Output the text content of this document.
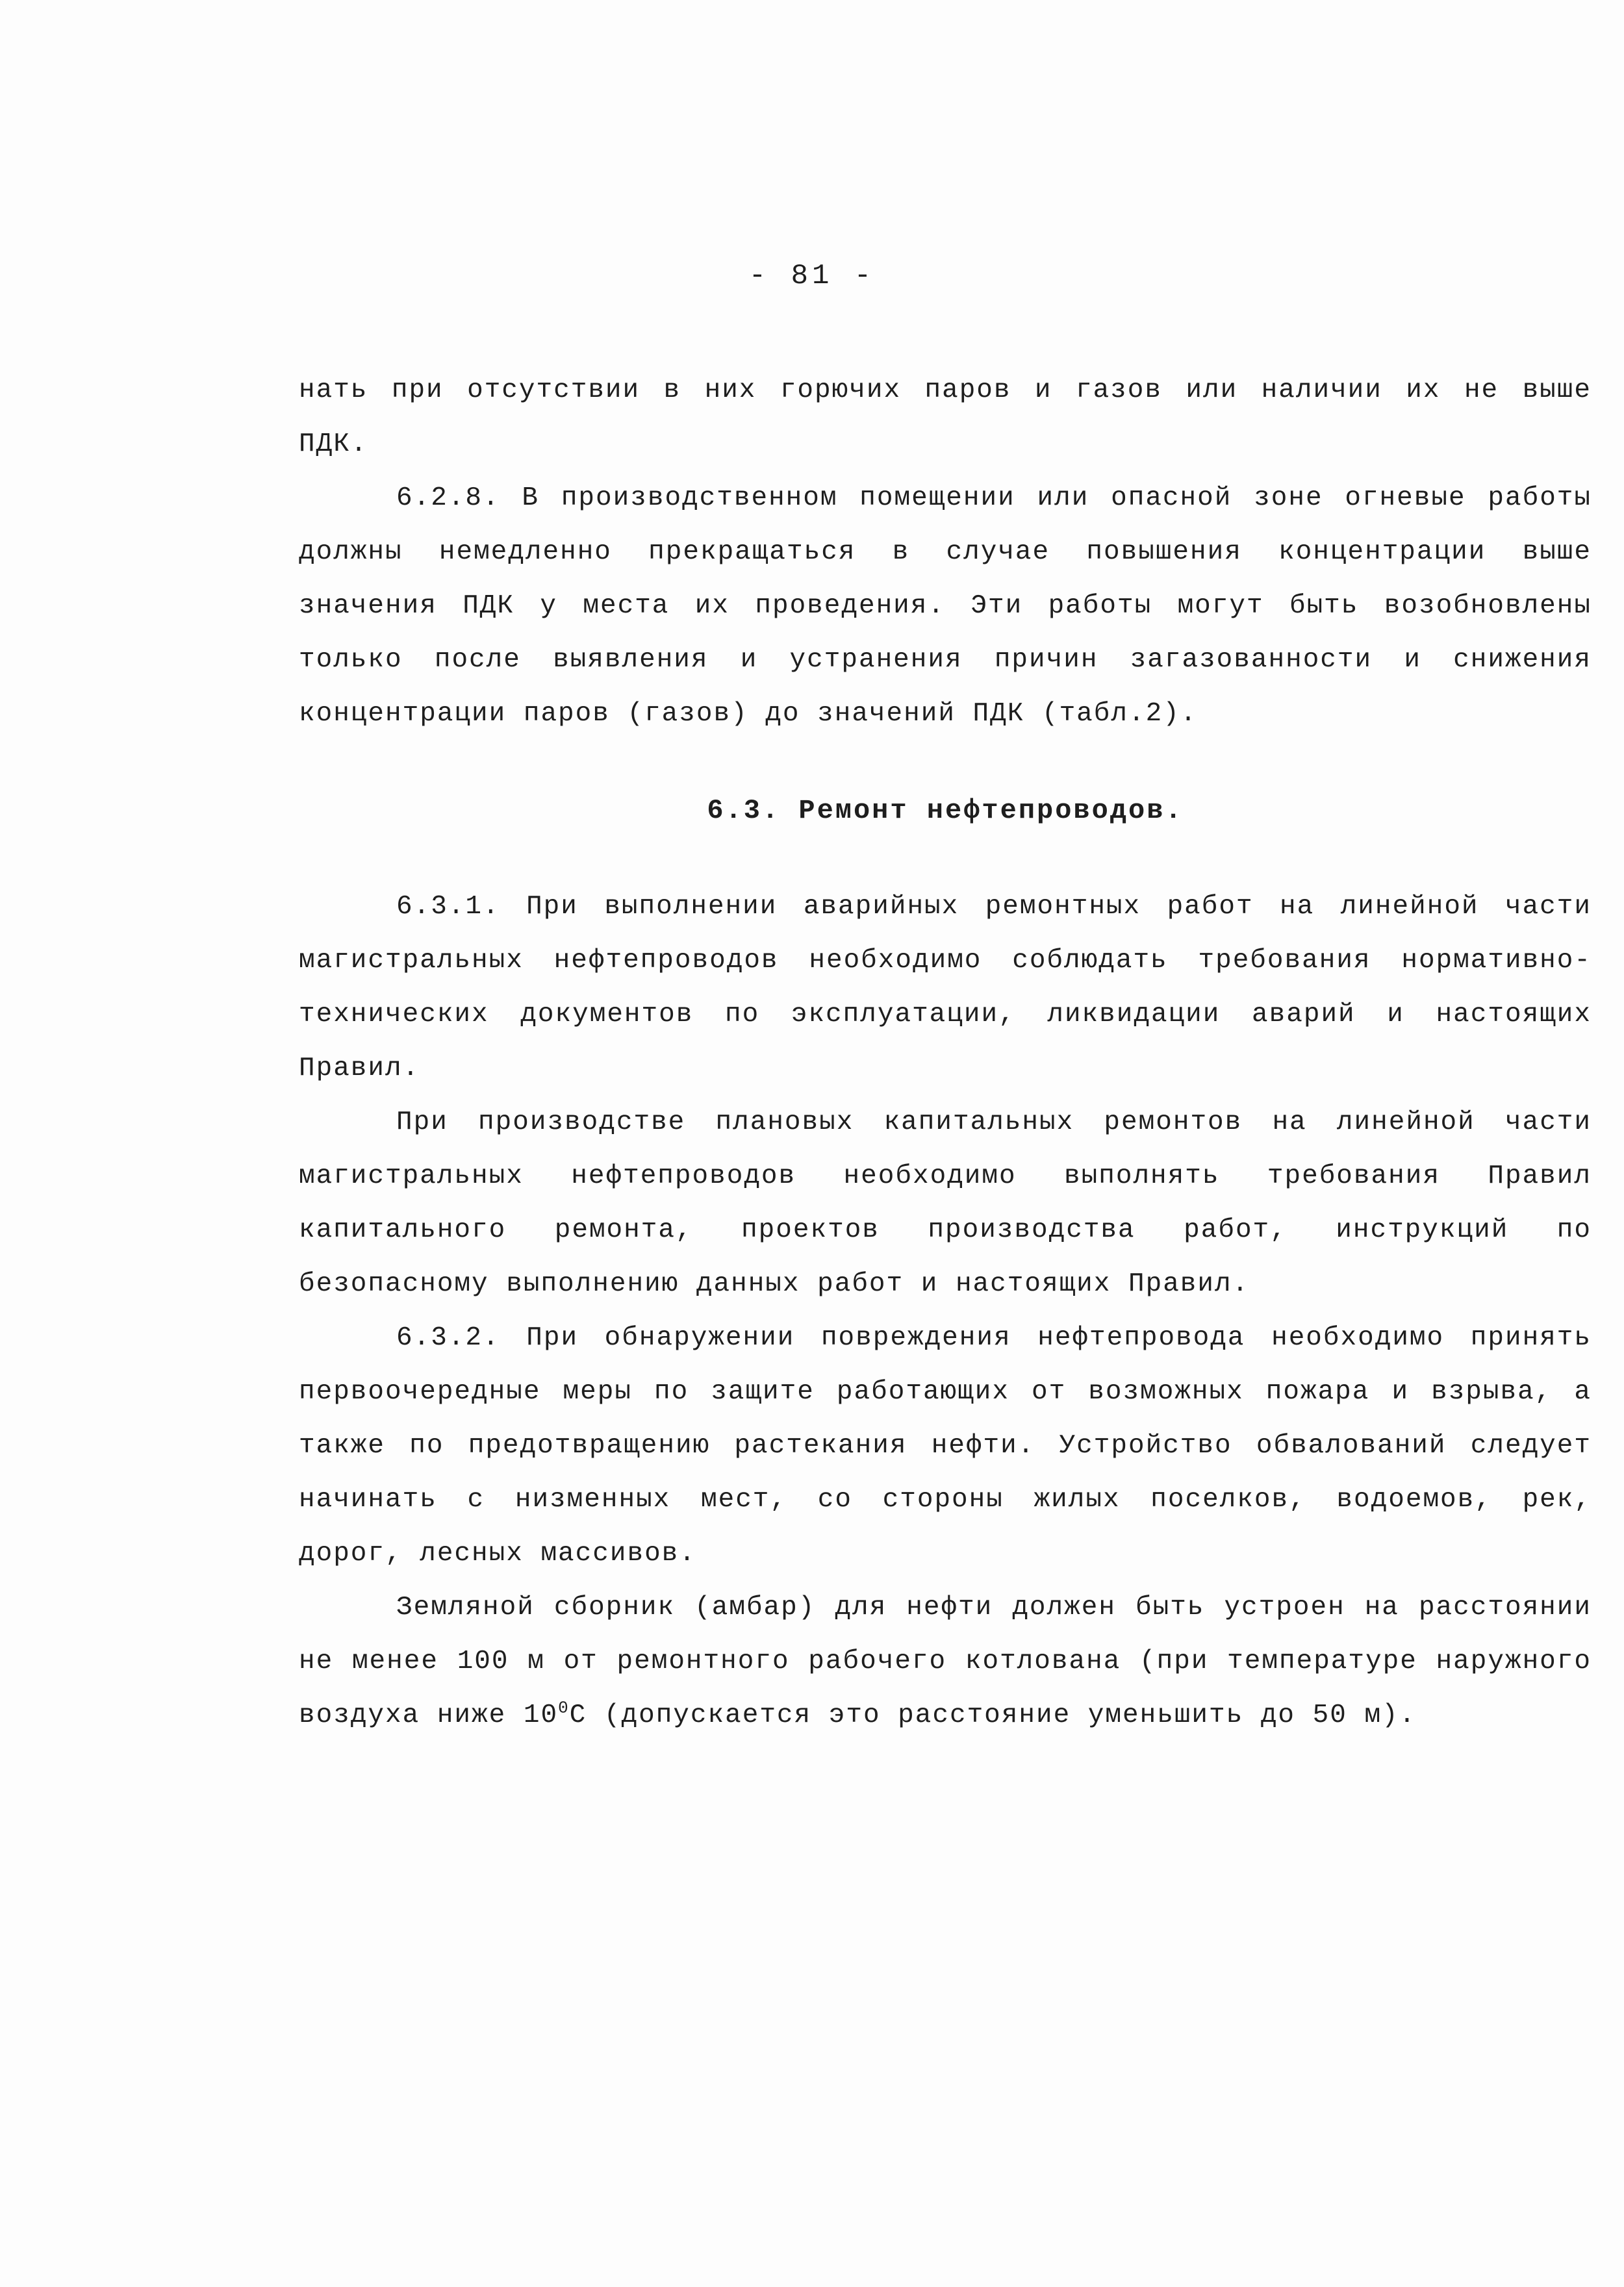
- 81 -

нать при отсутствии в них горючих паров и газов или наличии их не выше ПДК.

6.2.8. В производственном помещении или опасной зоне огневые работы должны немедленно прекращаться в случае повышения концентрации выше значения ПДК у места их проведения. Эти работы могут быть возобновлены только после выявления и устранения причин загазованности и снижения концентрации паров (газов) до значений ПДК (табл.2).

6.3. Ремонт нефтепроводов.

6.3.1. При выполнении аварийных ремонтных работ на линейной части магистральных нефтепроводов необходимо соблюдать требования нормативно-технических документов по эксплуатации, ликвидации аварий и настоящих Правил.

При производстве плановых капитальных ремонтов на линейной части магистральных нефтепроводов необходимо выполнять требования Правил капитального ремонта, проектов производства работ, инструкций по безопасному выполнению данных работ и настоящих Правил.

6.3.2. При обнаружении повреждения нефтепровода необходимо принять первоочередные меры по защите работающих от возможных пожара и взрыва, а также по предотвращению растекания нефти. Устройство обвалований следует начинать с низменных мест, со стороны жилых поселков, водоемов, рек, дорог, лесных массивов.

Земляной сборник (амбар) для нефти должен быть устроен на расстоянии не менее 100 м от ремонтного рабочего котлована (при температуре наружного воздуха ниже $10^0С$ (допускается это расстояние уменьшить до 50 м).
